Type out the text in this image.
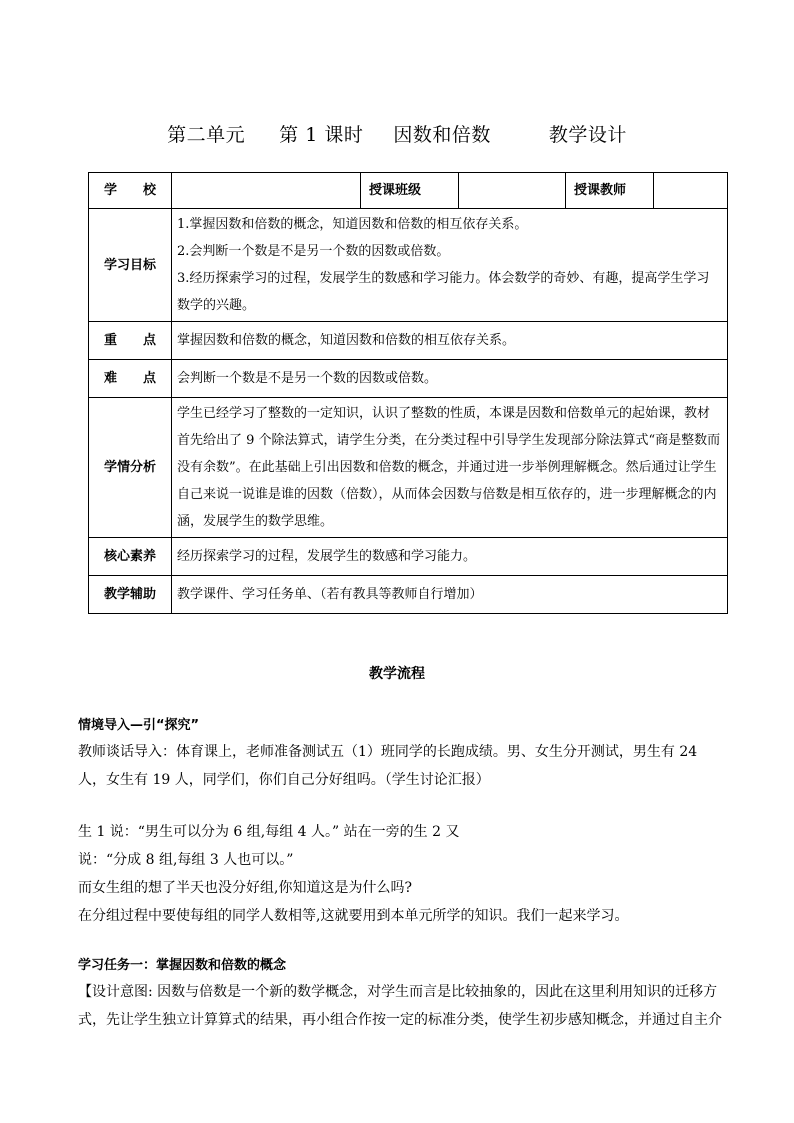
第二单元 第 1 课时 因数和倍数	教学设计
学　　校		授课班级		授课教师	
学习目标	1.掌握因数和倍数的概念，知道因数和倍数的相互依存关系。
2.会判断一个数是不是另一个数的因数或倍数。
3.经历探索学习的过程，发展学生的数感和学习能力。体会数学的奇妙、有趣，提高学生学习数学的兴趣。				

重　　点	掌握因数和倍数的概念，知道因数和倍数的相互依存关系。				
难　　点	会判断一个数是不是另一个数的因数或倍数。				
学情分析	学生已经学习了整数的一定知识，认识了整数的性质，本课是因数和倍数单元的起始课，教材首先给出了 9 个除法算式，请学生分类，在分类过程中引导学生发现部分除法算式“商是整数而没有余数”。在此基础上引出因数和倍数的概念，并通过进一步举例理解概念。然后通过让学生自己来说一说谁是谁的因数（倍数），从而体会因数与倍数是相互依存的，进一步理解概念的内涵，发展学生的数学思维。				
核心素养	经历探索学习的过程，发展学生的数感和学习能力。				
教学辅助	教学课件、学习任务单、（若有教具等教师自行增加）				
教学流程
情境导入—引“探究”
教师谈话导入：体育课上，老师准备测试五（1）班同学的长跑成绩。男、女生分开测试，男生有 24 人，女生有 19 人，同学们，你们自己分好组吗。（学生讨论汇报）
生 1 说：“男生可以分为 6 组,每组 4 人。” 站在一旁的生 2 又
说：“分成 8 组,每组 3 人也可以。”
而女生组的想了半天也没分好组,你知道这是为什么吗?
在分组过程中要使每组的同学人数相等,这就要用到本单元所学的知识。我们一起来学习。
学习任务一：掌握因数和倍数的概念
【设计意图: 因数与倍数是一个新的数学概念，对学生而言是比较抽象的，因此在这里利用知识的迁移方式，先让学生独立计算算式的结果，再小组合作按一定的标准分类，使学生初步感知概念，并通过自主介
